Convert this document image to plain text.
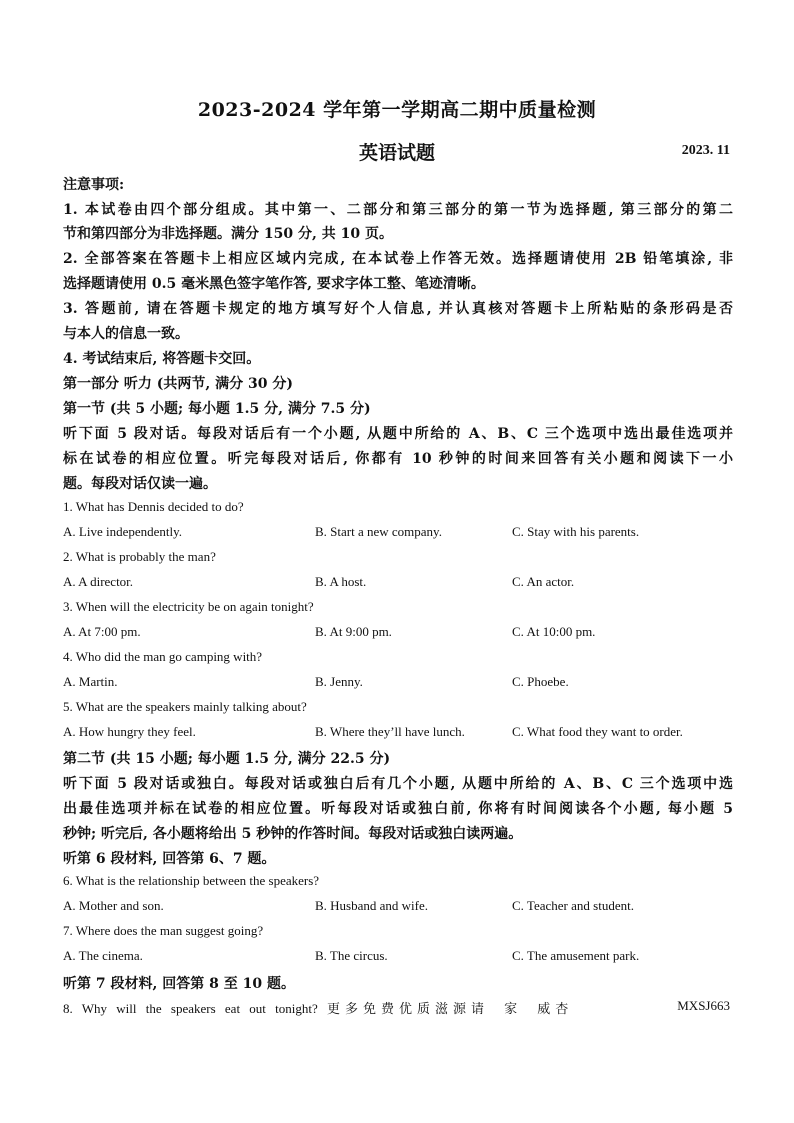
2023-2024 学年第一学期高二期中质量检测
英语试题	2023. 11
注意事项:
1. 本试卷由四个部分组成。其中第一、二部分和第三部分的第一节为选择题, 第三部分的第二
节和第四部分为非选择题。满分 150 分, 共 10 页。
2. 全部答案在答题卡上相应区域内完成, 在本试卷上作答无效。选择题请使用 2B 铅笔填涂, 非
选择题请使用 0.5 毫米黑色签字笔作答, 要求字体工整、笔迹清晰。
3. 答题前, 请在答题卡规定的地方填写好个人信息, 并认真核对答题卡上所粘贴的条形码是否
与本人的信息一致。
4. 考试结束后, 将答题卡交回。
第一部分 听力 (共两节, 满分 30 分)
第一节 (共 5 小题; 每小题 1.5 分, 满分 7.5 分)
听下面 5 段对话。每段对话后有一个小题, 从题中所给的 A、B、C 三个选项中选出最佳选项并
标在试卷的相应位置。听完每段对话后, 你都有 10 秒钟的时间来回答有关小题和阅读下一小
题。每段对话仅读一遍。
1. What has Dennis decided to do?
A. Live independently.	B. Start a new company.	C. Stay with his parents.
2. What is probably the man?
A. A director.	B. A host.	C. An actor.
3. When will the electricity be on again tonight?
A. At 7:00 pm.	B. At 9:00 pm.	C. At 10:00 pm.
4. Who did the man go camping with?
A. Martin.	B. Jenny.	C. Phoebe.
5. What are the speakers mainly talking about?
A. How hungry they feel.	B. Where they’ll have lunch.	C. What food they want to order.
第二节 (共 15 小题; 每小题 1.5 分, 满分 22.5 分)
听下面 5 段对话或独白。每段对话或独白后有几个小题, 从题中所给的 A、B、C 三个选项中选
出最佳选项并标在试卷的相应位置。听每段对话或独白前, 你将有时间阅读各个小题, 每小题 5
秒钟; 听完后, 各小题将给出 5 秒钟的作答时间。每段对话或独白读两遍。
听第 6 段材料, 回答第 6、7 题。
6. What is the relationship between the speakers?
A. Mother and son.	B. Husband and wife.	C. Teacher and student.
7. Where does the man suggest going?
A. The cinema.	B. The circus.	C. The amusement park.
听第 7 段材料, 回答第 8 至 10 题。
8. Why will the speakers eat out tonight? 更多免费优质滋源请 家 威杏	MXSJ663
